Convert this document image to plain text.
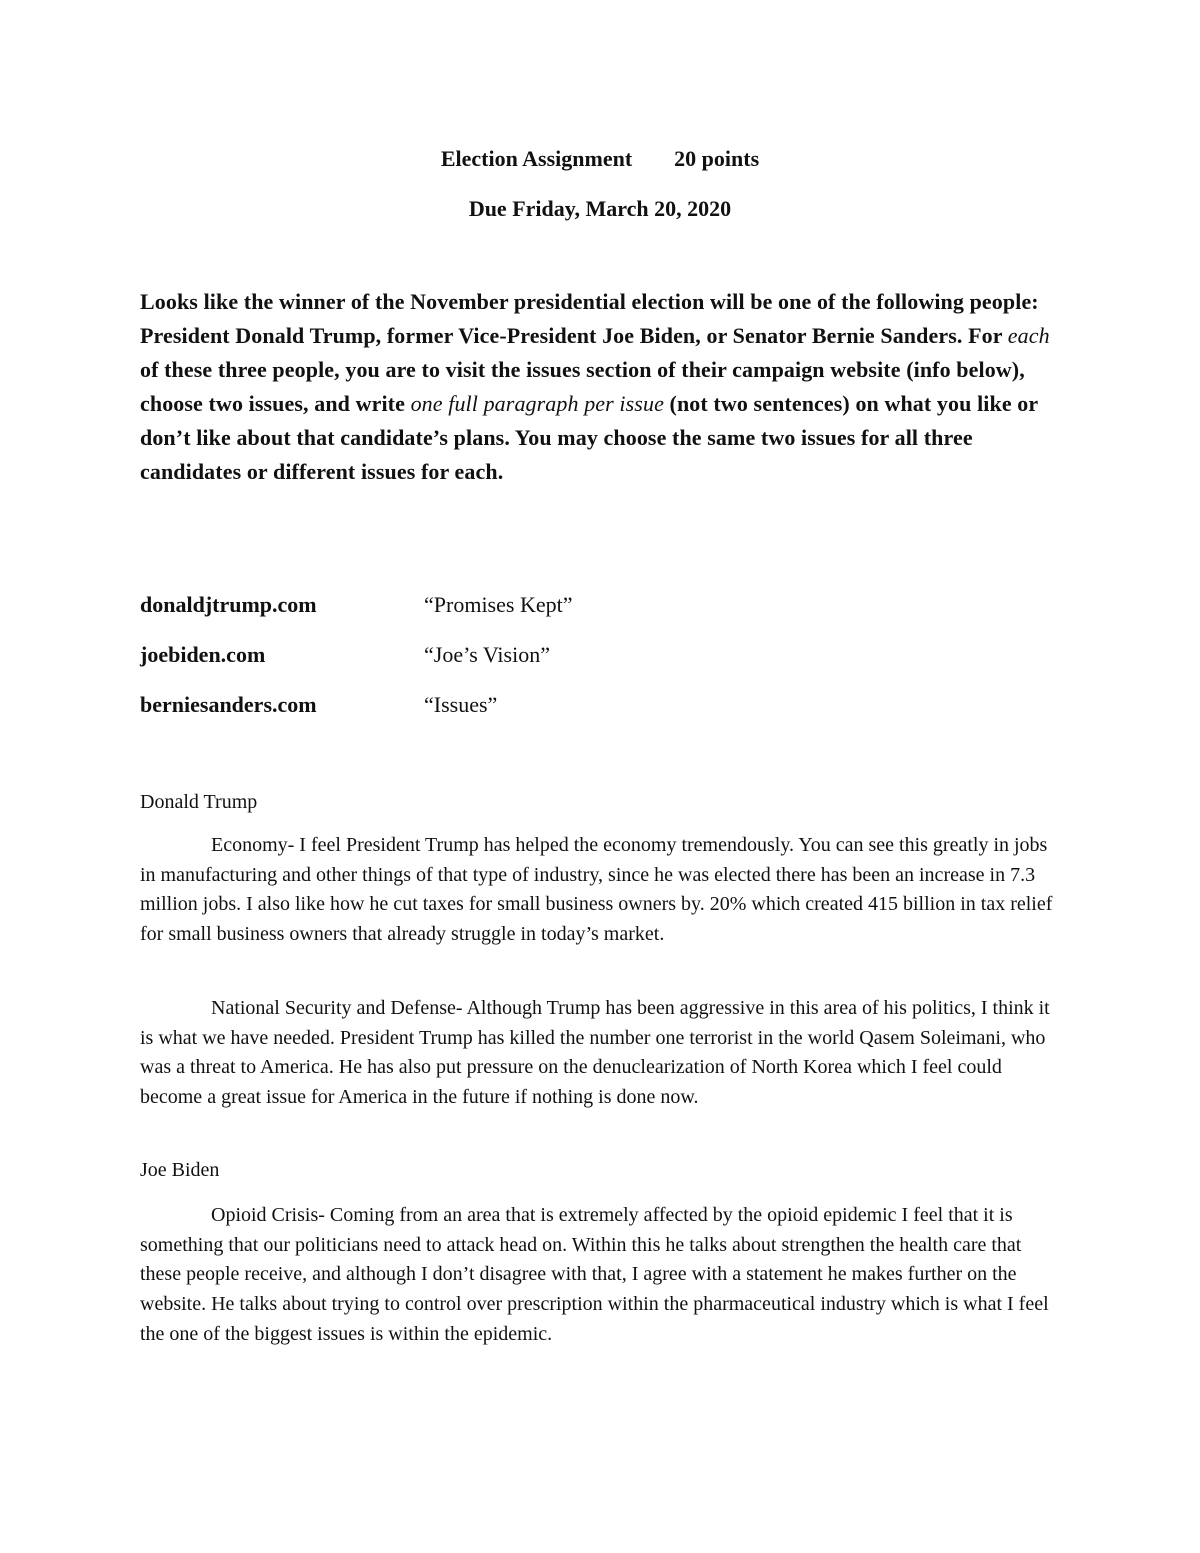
Election Assignment 20 points
Due Friday, March 20, 2020
Looks like the winner of the November presidential election will be one of the following people: President Donald Trump, former Vice-President Joe Biden, or Senator Bernie Sanders. For each of these three people, you are to visit the issues section of their campaign website (info below), choose two issues, and write one full paragraph per issue (not two sentences) on what you like or don’t like about that candidate’s plans. You may choose the same two issues for all three candidates or different issues for each.
donaldjtrump.com	“Promises Kept”
joebiden.com	“Joe’s Vision”
berniesanders.com	“Issues”
Donald Trump

Economy- I feel President Trump has helped the economy tremendously. You can see this greatly in jobs in manufacturing and other things of that type of industry, since he was elected there has been an increase in 7.3 million jobs. I also like how he cut taxes for small business owners by. 20% which created 415 billion in tax relief for small business owners that already struggle in today’s market.

National Security and Defense- Although Trump has been aggressive in this area of his politics, I think it is what we have needed. President Trump has killed the number one terrorist in the world Qasem Soleimani, who was a threat to America. He has also put pressure on the denuclearization of North Korea which I feel could become a great issue for America in the future if nothing is done now.

Joe Biden

Opioid Crisis- Coming from an area that is extremely affected by the opioid epidemic I feel that it is something that our politicians need to attack head on. Within this he talks about strengthen the health care that these people receive, and although I don’t disagree with that, I agree with a statement he makes further on the website. He talks about trying to control over prescription within the pharmaceutical industry which is what I feel the one of the biggest issues is within the epidemic.
